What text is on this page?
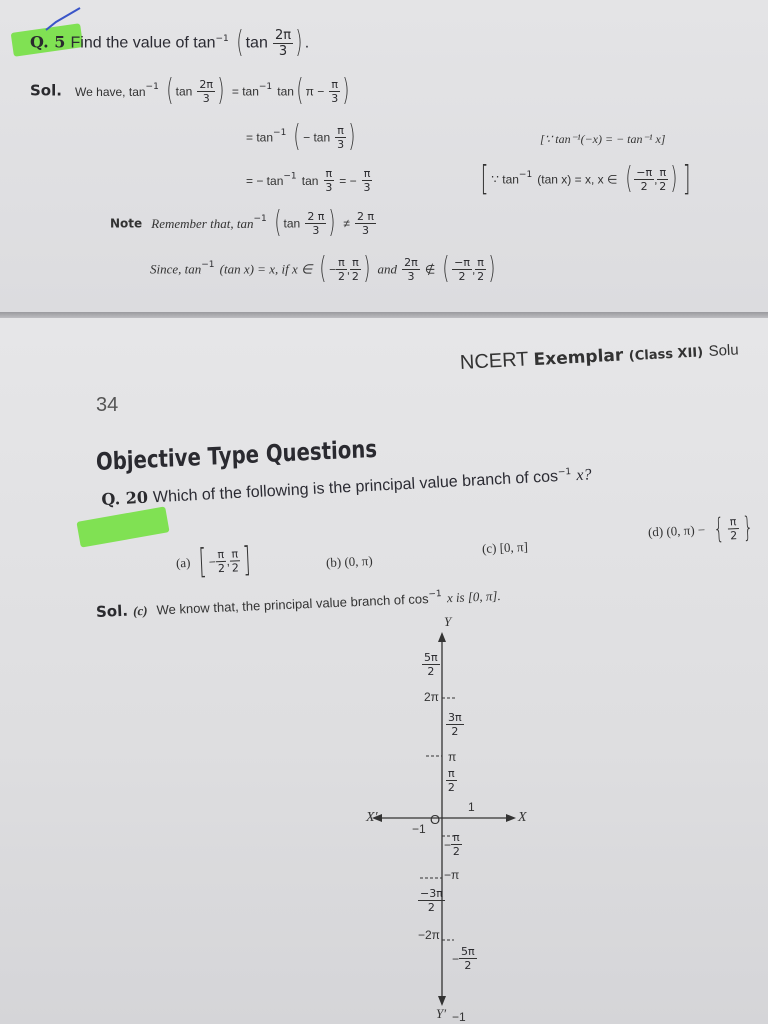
Q. 5 Find the value of $\tan^{-1}$ ( $\tan \frac{2\pi}{3}$ ) .
Sol. We have, $\tan^{-1}$ ( $\tan \frac{2\pi}{3}$ ) = $\tan^{-1} \tan$( $\pi - \frac{\pi}{3}$ )
= $\tan^{-1}$ ( − $\tan \frac{\pi}{3}$ )	[∵ tan⁻¹(−x) = − tan⁻¹ x]
= − $\tan^{-1} \tan \frac{\pi}{3}$ = − $\frac{\pi}{3}$	[ ∵ $\tan^{-1} (\tan$ x) = x, x ∈ ( $\frac{-\pi}{2}$ , $\frac{\pi}{2}$ ) ]
Note Remember that, $\tan^{-1}$ ( $\tan \frac{2 \pi}{3}$ ) ≠ $\frac{2 \pi}{3}$
Since, $\tan^{-1} (\tan$ x) = x, if x ∈ ( − $\frac{\pi}{2}$ , $\frac{\pi}{2}$ ) and $\frac{2\pi}{3}$ ∉ ( $\frac{-\pi}{2}$ , $\frac{\pi}{2}$ )
NCERT Exemplar (Class XII) Solu
34
Objective Type Questions
Q. 20 Which of the following is the principal value branch of $\cos^{-1} x$?
(a) [− $\frac{\pi}{2}$ , $\frac{\pi}{2}$ ]	(b) (0, π)
(c) [0, π]
(d) (0, π) − { $\frac{\pi}{2}$ }
Sol. (c) We know that, the principal value branch of $\cos^{-1} x$ is [0, π].
Y
Y′
X
X′	O
1
−1
$\frac{5\pi}{2}$
2π
$\frac{3\pi}{2}$
π
$\frac{\pi}{2}$
− $\frac{\pi}{2}$
−π
$\frac{-3\pi}{2}$
−2π
− $\frac{5\pi}{2}$
−1
